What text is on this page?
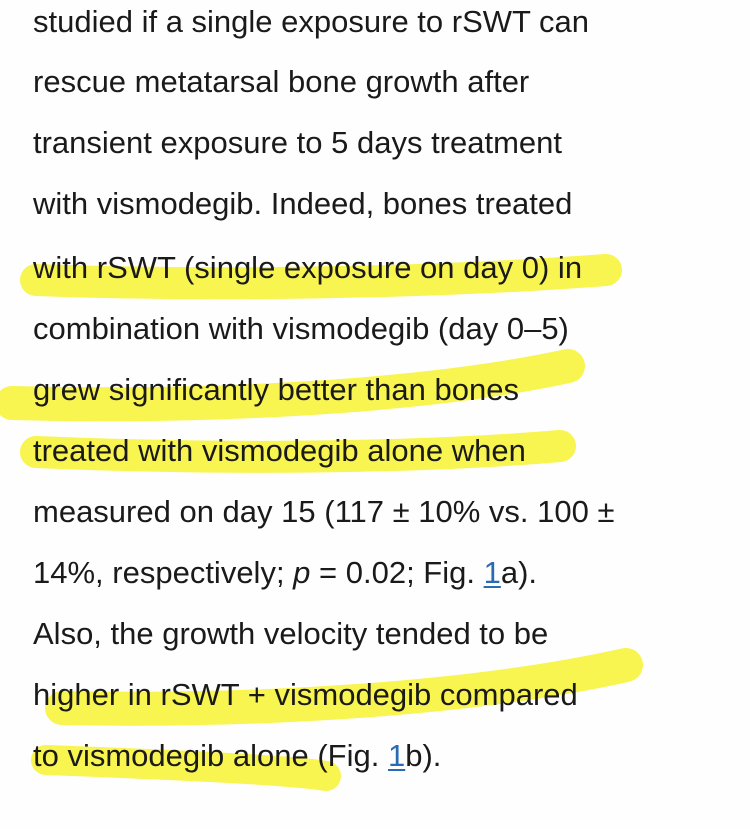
studied if a single exposure to rSWT can
rescue metatarsal bone growth after
transient exposure to 5 days treatment
with vismodegib. Indeed, bones treated
with rSWT (single exposure on day 0) in
combination with vismodegib (day 0–5)
grew significantly better than bones
treated with vismodegib alone when
measured on day 15 (117 ± 10% vs. 100 ±
14%, respectively; p = 0.02; Fig. 1a).
Also, the growth velocity tended to be
higher in rSWT + vismodegib compared
to vismodegib alone (Fig. 1b).
